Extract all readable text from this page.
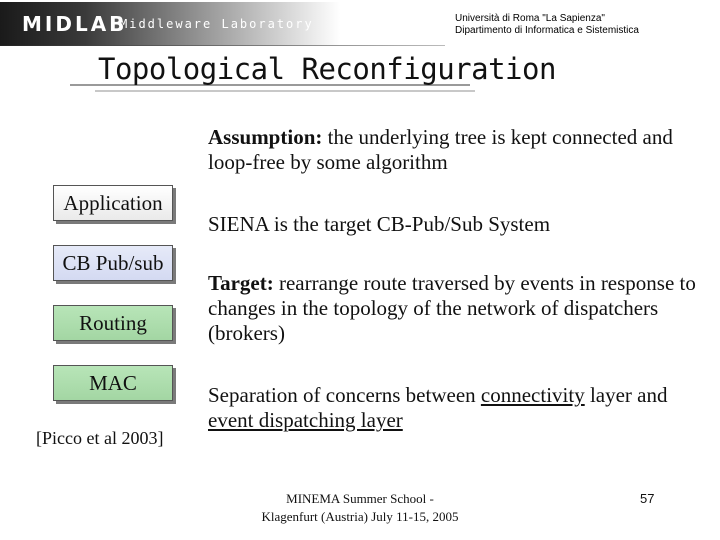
MIDLAB
Middleware Laboratory	Università di Roma "La Sapienza"
Dipartimento di Informatica e Sistemistica
Topological Reconfiguration
Application
CB Pub/sub
Routing
MAC
[Picco et al 2003]
Assumption: the underlying tree is kept connected and loop-free by some algorithm
SIENA is the target CB-Pub/Sub System
Target: rearrange route traversed by events in response to changes in the topology of the network of dispatchers (brokers)
Separation of concerns between connectivity layer and event dispatching layer
MINEMA Summer School -
Klagenfurt (Austria) July 11-15, 2005
57
